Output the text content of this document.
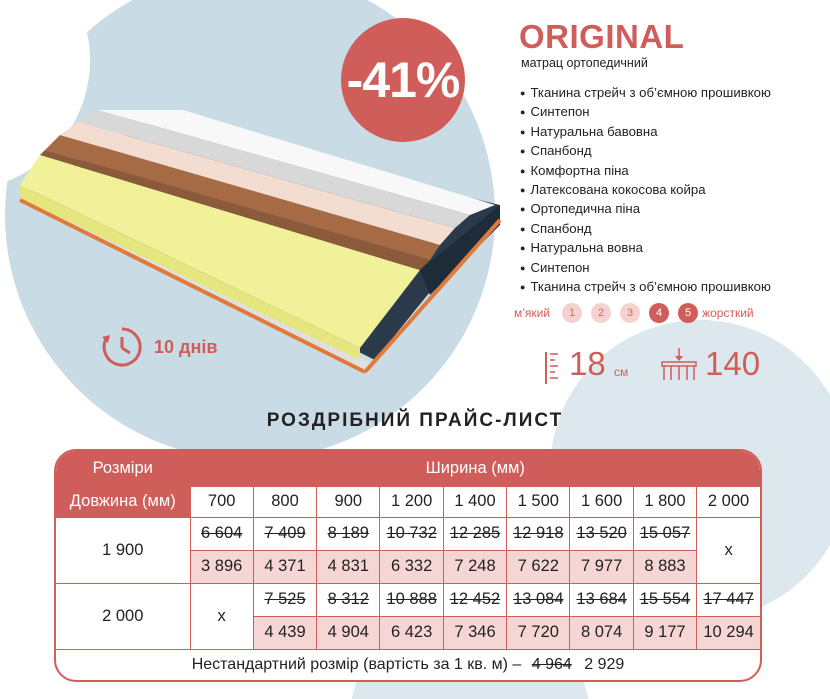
-41%
ORIGINAL
матрац ортопедичний
● Тканина стрейч з об’ємною прошивкою
● Синтепон
● Натуральна бавовна
● Спанбонд
● Комфортна піна
● Латексована кокосова койра
● Ортопедична піна
● Спанбонд
● Натуральна вовна
● Синтепон
● Тканина стрейч з об’ємною прошивкою
м’який	1	2	3	4	5 жорсткий
18 см 140
10 днів
РОЗДРІБНИЙ ПРАЙС-ЛИСТ
Розміри	Ширина (мм)								
Довжина (мм)	700	800	900	1 200	1 400	1 500	1 600	1 800	2 000
1 900	6 604	7 409	8 189	10 732	12 285	12 918	13 520	15 057	x
	3 896	4 371	4 831	6 332	7 248	7 622	7 977	8 883	
2 000	x	7 525	8 312	10 888	12 452	13 084	13 684	15 554	17 447
		4 439	4 904	6 423	7 346	7 720	8 074	9 177	10 294
Нестандартний розмір (вартість за 1 кв. м) – 4 964 2 929									
